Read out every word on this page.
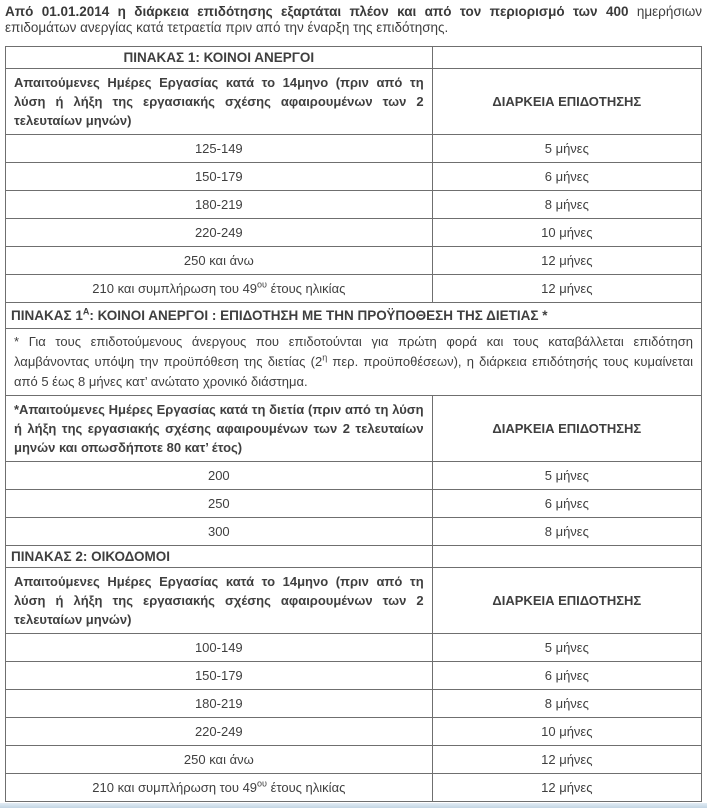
Από 01.01.2014 η διάρκεια επιδότησης εξαρτάται πλέον και από τον περιορισμό των 400 ημερήσιων επιδομάτων ανεργίας κατά τετραετία πριν από την έναρξη της επιδότησης.

ΠΙΝΑΚΑΣ 1: ΚΟΙΝΟΙ ΑΝΕΡΓΟΙ	
Απαιτούμενες Ημέρες Εργασίας κατά το 14μηνο (πριν από τη λύση ή λήξη της εργασιακής σχέσης αφαιρουμένων των 2 τελευταίων μηνών)	ΔΙΑΡΚΕΙΑ ΕΠΙΔΟΤΗΣΗΣ
125-149	5 μήνες
150-179	6 μήνες
180-219	8 μήνες
220-249	10 μήνες
250 και άνω	12 μήνες
210 και συμπλήρωση του $49^{o\upsilon}$ έτους ηλικίας	12 μήνες
ΠΙΝΑΚΑΣ $1^A$: ΚΟΙΝΟΙ ΑΝΕΡΓΟΙ : ΕΠΙΔΟΤΗΣΗ ΜΕ ΤΗΝ ΠΡΟΫΠΟΘΕΣΗ ΤΗΣ ΔΙΕΤΙΑΣ *	
* Για τους επιδοτούμενους άνεργους που επιδοτούνται για πρώτη φορά και τους καταβάλλεται επιδότηση λαμβάνοντας υπόψη την προϋπόθεση της διετίας ($2^\eta$ περ. προϋποθέσεων), η διάρκεια επιδότησής τους κυμαίνεται από 5 έως 8 μήνες κατ’ ανώτατο χρονικό διάστημα.	
*Απαιτούμενες Ημέρες Εργασίας κατά τη διετία (πριν από τη λύση ή λήξη της εργασιακής σχέσης αφαιρουμένων των 2 τελευταίων μηνών και οπωσδήποτε 80 κατ’ έτος)	ΔΙΑΡΚΕΙΑ ΕΠΙΔΟΤΗΣΗΣ
200	5 μήνες
250	6 μήνες
300	8 μήνες
ΠΙΝΑΚΑΣ 2: ΟΙΚΟΔΟΜΟΙ	
Απαιτούμενες Ημέρες Εργασίας κατά το 14μηνο (πριν από τη λύση ή λήξη της εργασιακής σχέσης αφαιρουμένων των 2 τελευταίων μηνών)	ΔΙΑΡΚΕΙΑ ΕΠΙΔΟΤΗΣΗΣ
100-149	5 μήνες
150-179	6 μήνες
180-219	8 μήνες
220-249	10 μήνες
250 και άνω	12 μήνες
210 και συμπλήρωση του $49^{o\upsilon}$ έτους ηλικίας	12 μήνες
